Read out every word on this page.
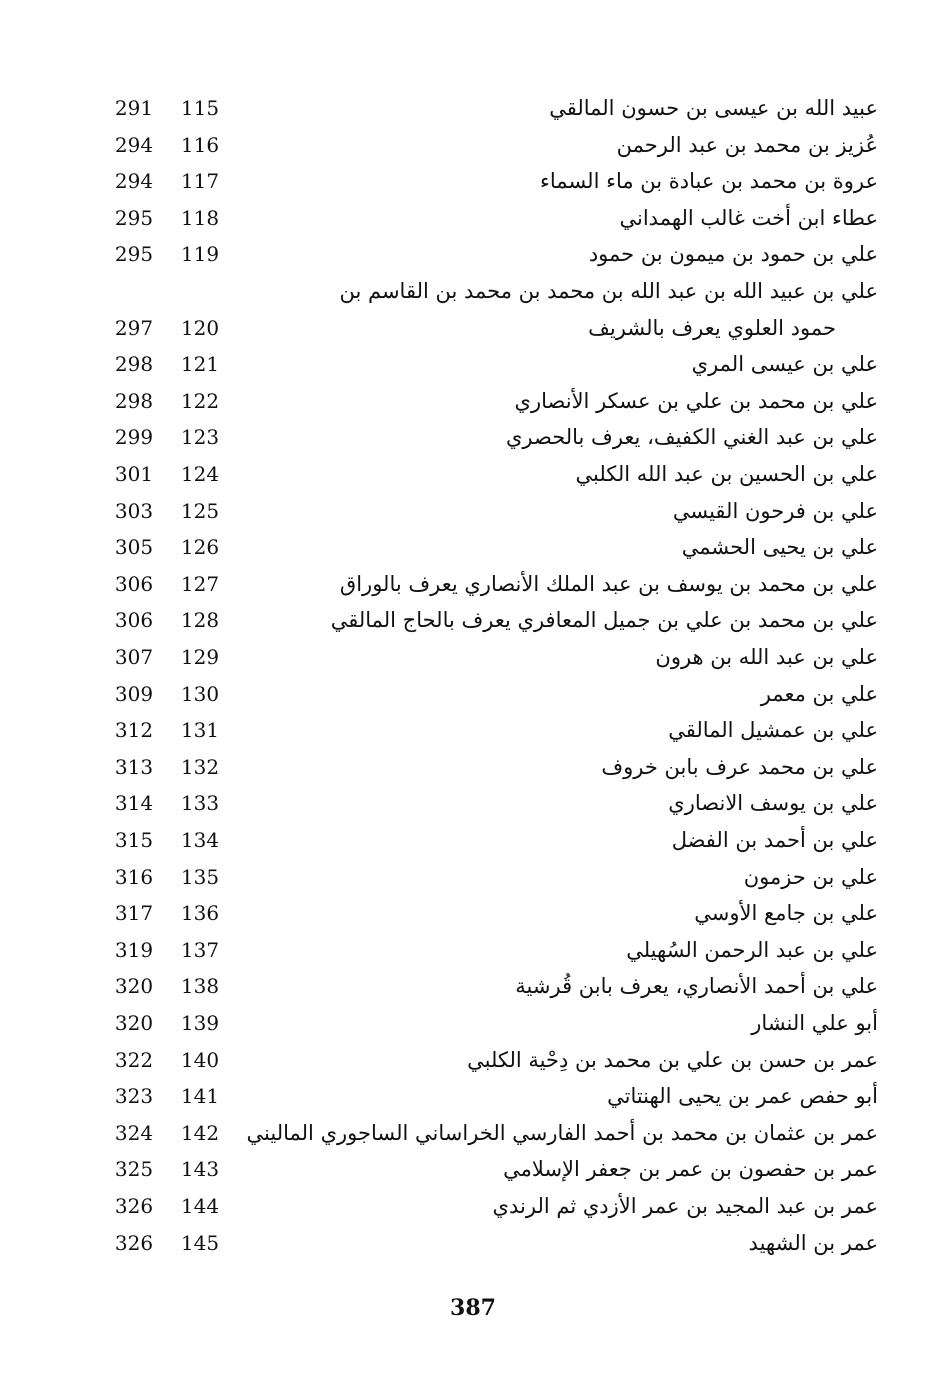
عبيد الله بن عيسى بن حسون المالقي
115
291
عُزيز بن محمد بن عبد الرحمن
116
294
عروة بن محمد بن عبادة بن ماء السماء
117
294
عطاء ابن أخت غالب الهمداني
118
295
علي بن حمود بن ميمون بن حمود
119
295
علي بن عبيد الله بن عبد الله بن محمد بن محمد بن القاسم بن
حمود العلوي يعرف بالشريف
120
297
علي بن عيسى المري
121
298
علي بن محمد بن علي بن عسكر الأنصاري
122
298
علي بن عبد الغني الكفيف، يعرف بالحصري
123
299
علي بن الحسين بن عبد الله الكلبي
124
301
علي بن فرحون القيسي
125
303
علي بن يحيى الحشمي
126
305
علي بن محمد بن يوسف بن عبد الملك الأنصاري يعرف بالوراق
127
306
علي بن محمد بن علي بن جميل المعافري يعرف بالحاج المالقي
128
306
علي بن عبد الله بن هرون
129
307
علي بن معمر
130
309
علي بن عمشيل المالقي
131
312
علي بن محمد عرف بابن خروف
132
313
علي بن يوسف الانصاري
133
314
علي بن أحمد بن الفضل
134
315
علي بن حزمون
135
316
علي بن جامع الأوسي
136
317
علي بن عبد الرحمن السُهيلي
137
319
علي بن أحمد الأنصاري، يعرف بابن قُرشية
138
320
أبو علي النشار
139
320
عمر بن حسن بن علي بن محمد بن دِحْية الكلبي
140
322
أبو حفص عمر بن يحيى الهنتاتي
141
323
عمر بن عثمان بن محمد بن أحمد الفارسي الخراساني الساجوري الماليني
142
324
عمر بن حفصون بن عمر بن جعفر الإسلامي
143
325
عمر بن عبد المجيد بن عمر الأزدي ثم الرندي
144
326
عمر بن الشهيد
145
326
387
